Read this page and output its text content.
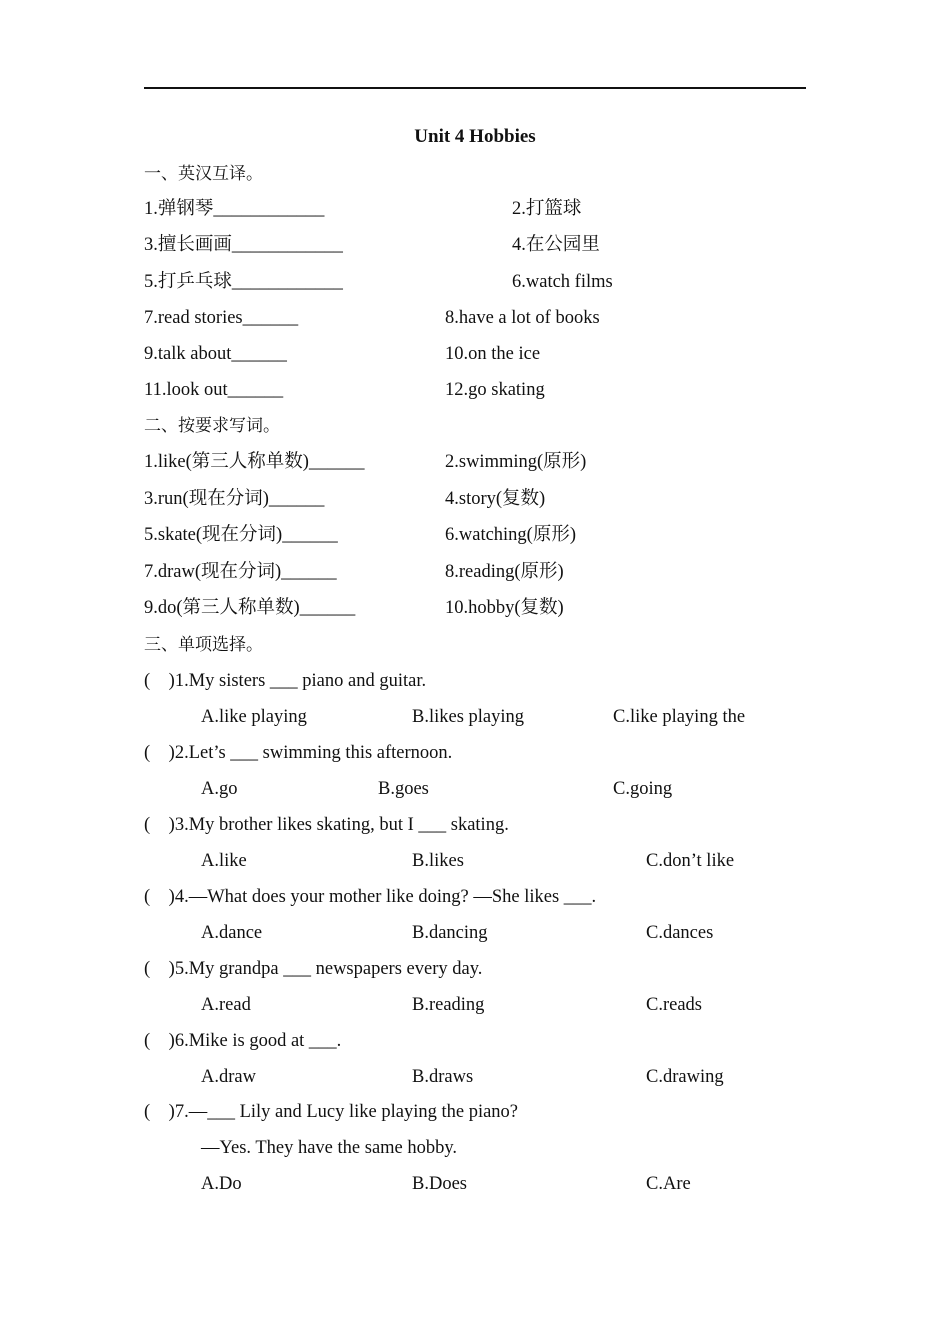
Unit 4 Hobbies
一、英汉互译。
1.弹钢琴____________	2.打篮球
3.擅长画画____________	4.在公园里
5.打乒乓球____________	6.watch films
7.read stories______	8.have a lot of books
9.talk about______	10.on the ice
11.look out______	12.go skating
二、按要求写词。
1.like(第三人称单数)______	2.swimming(原形)
3.run(现在分词)______	4.story(复数)
5.skate(现在分词)______	6.watching(原形)
7.draw(现在分词)______	8.reading(原形)
9.do(第三人称单数)______	10.hobby(复数)
三、单项选择。
(    )1.My sisters ___ piano and guitar.
A.like playing	B.likes playing	C.like playing the
(    )2.Let’s ___ swimming this afternoon.
A.go	B.goes	C.going
(    )3.My brother likes skating, but I ___ skating.
A.like	B.likes	C.don’t like
(    )4.—What does your mother like doing? —She likes ___.
A.dance	B.dancing	C.dances
(    )5.My grandpa ___ newspapers every day.
A.read	B.reading	C.reads
(    )6.Mike is good at ___.
A.draw	B.draws	C.drawing
(    )7.—___ Lily and Lucy like playing the piano?
—Yes. They have the same hobby.
A.Do	B.Does	C.Are
